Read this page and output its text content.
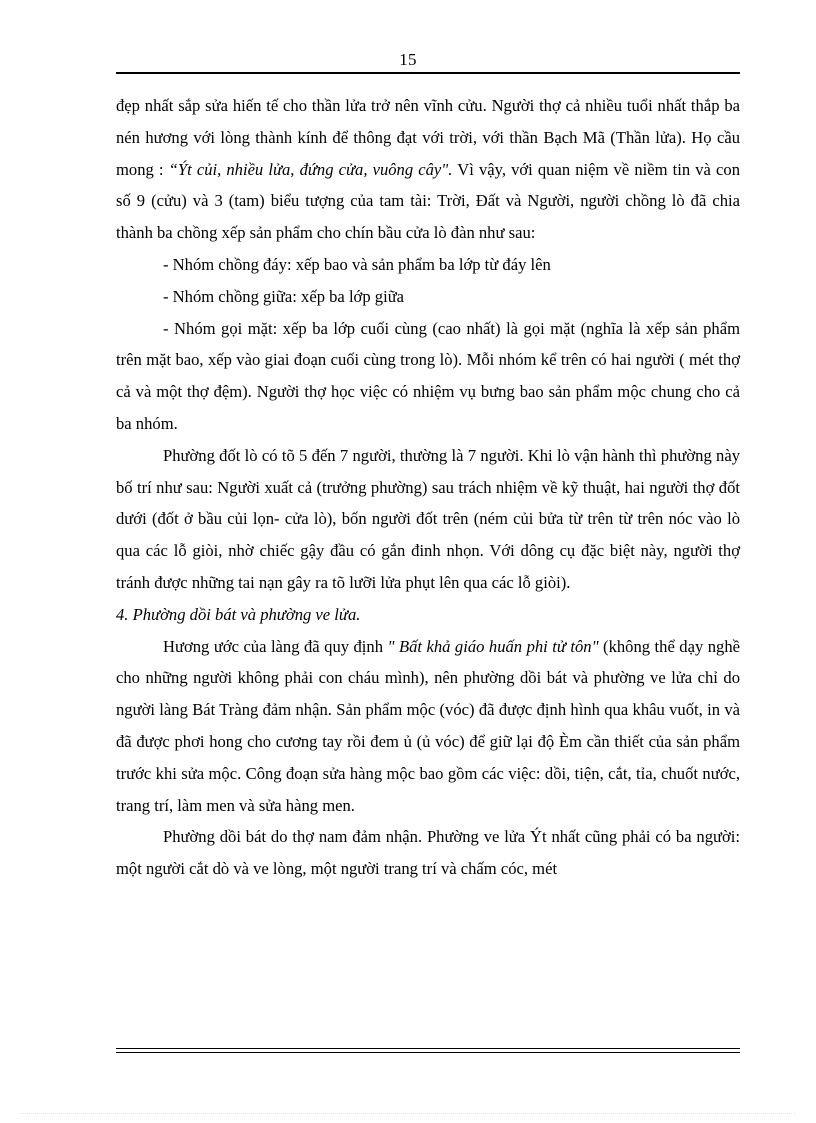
15

đẹp nhất sắp sửa hiến tế cho thần lửa trở nên vĩnh cửu. Người thợ cả nhiều tuổi nhất thắp ba nén hương với lòng thành kính để thông đạt với trời, với thần Bạch Mã (Thần lửa). Họ cầu mong : “Ýt củi, nhiều lửa, đứng cửa, vuông cây". Vì vậy, với quan niệm về niềm tin và con số 9 (cửu) và 3 (tam) biểu tượng của tam tài: Trời, Đất và Người, người chồng lò đã chia thành ba chồng xếp sản phẩm cho chín bầu cửa lò đàn như sau:

- Nhóm chồng đáy: xếp bao và sản phẩm ba lớp từ đáy lên

- Nhóm chồng giữa: xếp ba lớp giữa

- Nhóm gọi mặt: xếp ba lớp cuối cùng (cao nhất) là gọi mặt (nghĩa là xếp sản phẩm trên mặt bao, xếp vào giai đoạn cuối cùng trong lò). Mỗi nhóm kể trên có hai người ( mét thợ cả và một thợ đệm). Người thợ học việc có nhiệm vụ bưng bao sản phẩm mộc chung cho cả ba nhóm.

Phường đốt lò có tõ 5 đến 7 người, thường là 7 người. Khi lò vận hành thì phường này bố trí như sau: Người xuất cả (trưởng phường) sau trách nhiệm về kỹ thuật, hai người thợ đốt dưới (đốt ở bầu củi lọn- cửa lò), bốn người đốt trên (ném củi bửa từ trên từ trên nóc vào lò qua các lỗ giòi, nhờ chiếc gậy đầu có gắn đinh nhọn. Với dông cụ đặc biệt này, người thợ tránh được những tai nạn gây ra tõ lưỡi lửa phụt lên qua các lỗ giòi).

4. Phường dồi bát và phường ve lửa.

Hương ước của làng đã quy định " Bất khả giáo huấn phi tử tôn" (không thể dạy nghề cho những người không phải con cháu mình), nên phường dồi bát và phường ve lửa chỉ do người làng Bát Tràng đảm nhận. Sản phẩm mộc (vóc) đã được định hình qua khâu vuốt, in và đã được phơi hong cho cương tay rồi đem ủ (ủ vóc) để giữ lại độ Èm cần thiết của sản phẩm trước khi sửa mộc. Công đoạn sửa hàng mộc bao gồm các việc: dồi, tiện, cắt, tỉa, chuốt nước, trang trí, làm men và sửa hàng men.

Phường dồi bát do thợ nam đảm nhận. Phường ve lửa Ýt nhất cũng phải có ba người: một người cắt dò và ve lòng, một người trang trí và chấm cóc, mét
